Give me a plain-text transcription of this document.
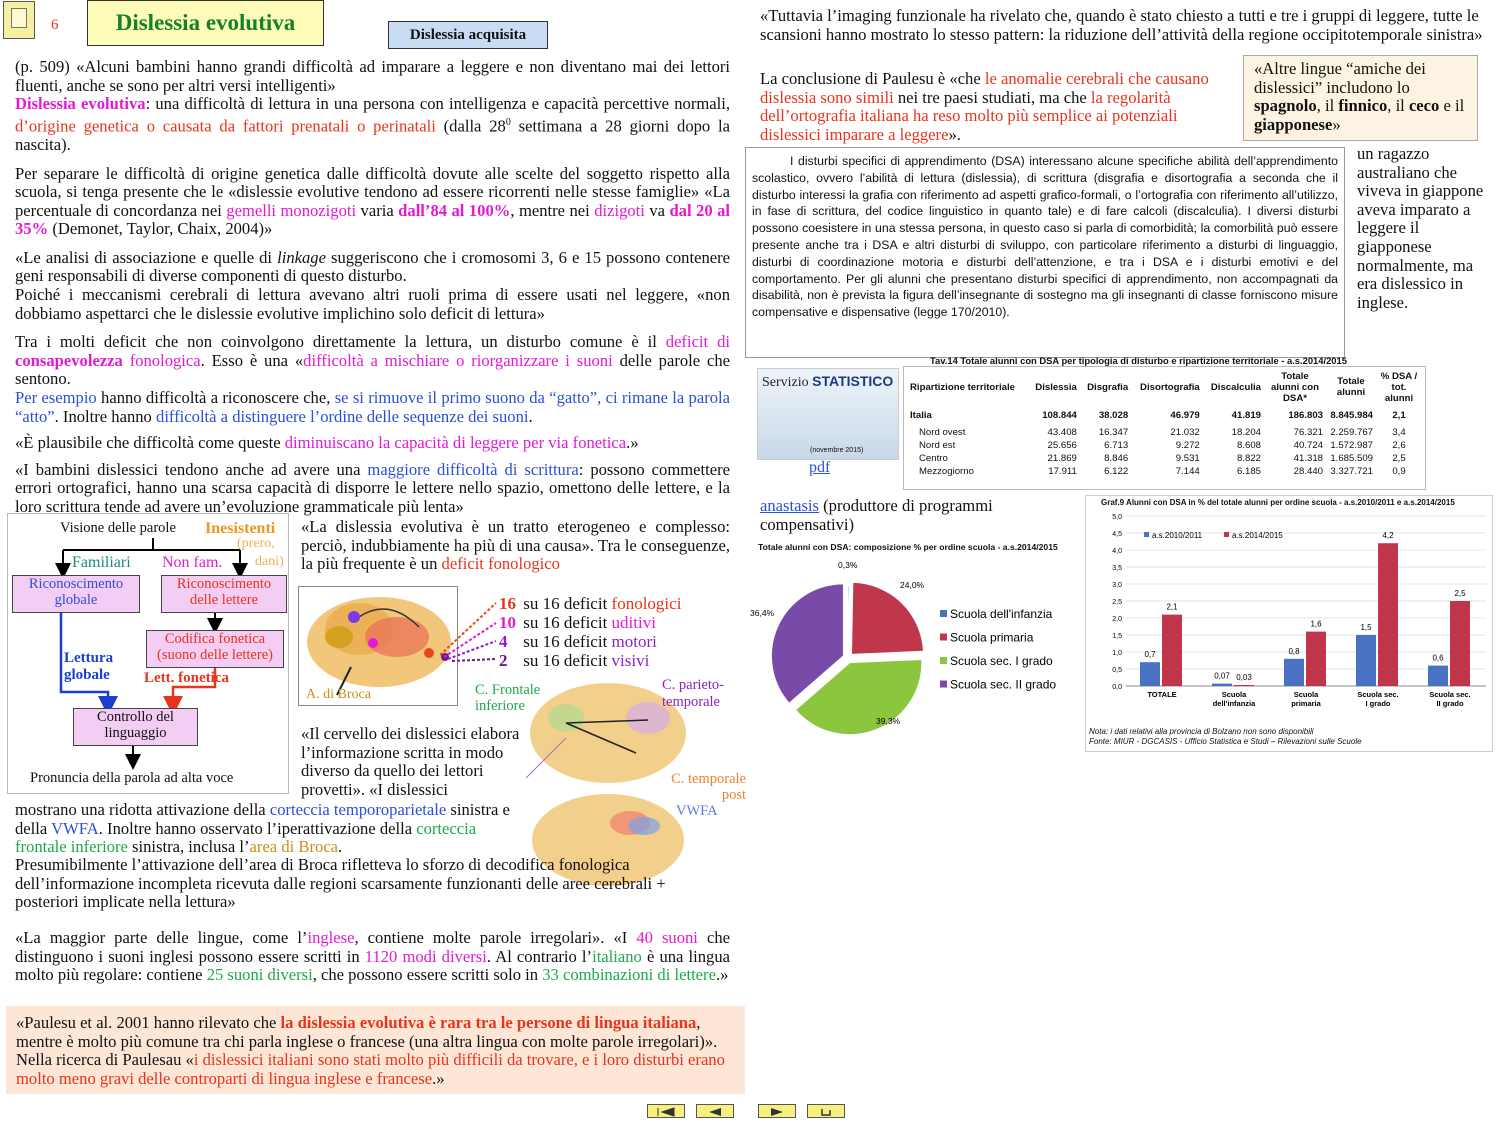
6	Dislessia evolutiva	Dislessia acquisita

(p. 509) «Alcuni bambini hanno grandi difficoltà ad imparare a leggere e non diventano mai dei lettori fluenti, anche se sono per altri versi intelligenti»
Dislessia evolutiva: una difficoltà di lettura in una persona con intelligenza e capacità percettive normali, d’origine genetica o causata da fattori prenatali o perinatali (dalla $28^0$ settimana a 28 giorni dopo la nascita).

Per separare le difficoltà di origine genetica dalle difficoltà dovute alle scelte del soggetto rispetto alla scuola, si tenga presente che le «dislessie evolutive tendono ad essere ricorrenti nelle stesse famiglie» «La percentuale di concordanza nei gemelli monozigoti varia dall’84 al 100%, mentre nei dizigoti va dal 20 al 35% (Demonet, Taylor, Chaix, 2004)»

«Le analisi di associazione e quelle di linkage suggeriscono che i cromosomi 3, 6 e 15 possono contenere geni responsabili di diverse componenti di questo disturbo.
Poiché i meccanismi cerebrali di lettura avevano altri ruoli prima di essere usati nel leggere, «non dobbiamo aspettarci che le dislessie evolutive implichino solo deficit di lettura»

Tra i molti deficit che non coinvolgono direttamente la lettura, un disturbo comune è il deficit di consapevolezza fonologica. Esso è una «difficoltà a mischiare o riorganizzare i suoni delle parole che sentono.
Per esempio hanno difficoltà a riconoscere che, se si rimuove il primo suono da “gatto”, ci rimane la parola “atto”. Inoltre hanno difficoltà a distinguere l’ordine delle sequenze dei suoni.

«È plausibile che difficoltà come queste diminuiscano la capacità di leggere per via fonetica.»

«I bambini dislessici tendono anche ad avere una maggiore difficoltà di scrittura: possono commettere errori ortografici, hanno una scarsa capacità di disporre le lettere nello spazio, omettono delle lettere, e la loro scrittura tende ad avere un’evoluzione grammaticale più lenta»

Visione delle parole Inesistenti
(prero,
dani)
Familiari Non fam.
Riconoscimento globale
Riconoscimento delle lettere
Codifica fonetica (suono delle lettere)
Lettura globale	Lett. fonetica
Controllo del linguaggio
Pronuncia della parola ad alta voce

«La dislessia evolutiva è un tratto eterogeneo e complesso: perciò, indubbiamente ha più di una causa». Tra le conseguenze, la più frequente è un deficit fonologico

A. di Broca
16 su 16 deficit fonologici
10 su 16 deficit uditivi
4 su 16 deficit motori
2 su 16 deficit visivi
C. Frontale inferiore
C. parieto-temporale
C. temporale post
VWFA

«Il cervello dei dislessici elabora l’informazione scritta in modo diverso da quello dei lettori provetti». «I dislessici

mostrano una ridotta attivazione della corteccia temporoparietale sinistra e della VWFA. Inoltre hanno osservato l’iperattivazione della corteccia frontale inferiore sinistra, inclusa l’area di Broca.

Presumibilmente l’attivazione dell’area di Broca rifletteva lo sforzo di decodifica fonologica dell’informazione incompleta ricevuta dalle regioni scarsamente funzionanti delle aree cerebrali + posteriori implicate nella lettura»

«La maggior parte delle lingue, come l’inglese, contiene molte parole irregolari». «I 40 suoni che distinguono i suoni inglesi possono essere scritti in 1120 modi diversi. Al contrario l’italiano è una lingua molto più regolare: contiene 25 suoni diversi, che possono essere scritti solo in 33 combinazioni di lettere.»

«Paulesu et al. 2001 hanno rilevato che la dislessia evolutiva è rara tra le persone di lingua italiana, mentre è molto più comune tra chi parla inglese o francese (una altra lingua con molte parole irregolari)». Nella ricerca di Paulesau «i dislessici italiani sono stati molto più difficili da trovare, e i loro disturbi erano molto meno gravi delle controparti di lingua inglese e francese.»

«Tuttavia l’imaging funzionale ha rivelato che, quando è stato chiesto a tutti e tre i gruppi di leggere, tutte le scansioni hanno mostrato lo stesso pattern: la riduzione dell’attività della regione occipitotemporale sinistra»

La conclusione di Paulesu è «che le anomalie cerebrali che causano dislessia sono simili nei tre paesi studiati, ma che la regolarità dell’ortografia italiana ha reso molto più semplice ai potenziali dislessici imparare a leggere».

«Altre lingue “amiche dei dislessici” includono lo spagnolo, il finnico, il ceco e il giapponese»

I disturbi specifici di apprendimento (DSA) interessano alcune specifiche abilità dell’apprendimento scolastico, ovvero l’abilità di lettura (dislessia), di scrittura (disgrafia e disortografia a seconda che il disturbo interessi la grafia con riferimento ad aspetti grafico-formali, o l’ortografia con riferimento all’utilizzo, in fase di scrittura, del codice linguistico in quanto tale) e di fare calcoli (discalculia). I diversi disturbi possono coesistere in una stessa persona, in questo caso si parla di comorbidità; la comorbilità può essere presente anche tra i DSA e altri disturbi di sviluppo, con particolare riferimento a disturbi di linguaggio, disturbi di coordinazione motoria e disturbi dell’attenzione, e tra i DSA e i disturbi emotivi e del comportamento. Per gli alunni che presentano disturbi specifici di apprendimento, non accompagnati da disabilità, non è prevista la figura dell’insegnante di sostegno ma gli insegnanti di classe forniscono misure compensative e dispensative (legge 170/2010).

un ragazzo australiano che viveva in giappone aveva imparato a leggere il giapponese normalmente, ma era dislessico in inglese.

Servizio STATISTICO
(novembre 2015)
pdf
Tav.14 Totale alunni con DSA per tipologia di disturbo e ripartizione territoriale - a.s.2014/2015
Ripartizione territoriale	Dislessia	Disgrafia	Disortografia	Discalculia	Totale alunni con DSA*	Totale alunni	% DSA / tot. alunni
Italia	108.844	38.028	46.979	41.819	186.803	8.845.984	2,1
Nord ovest	43.408	16.347	21.032	18.204	76.321	2.259.767	3,4
Nord est	25.656	6.713	9.272	8.608	40.724	1.572.987	2,6
Centro	21.869	8.846	9.531	8.822	41.318	1.685.509	2,5
Mezzogiorno	17.911	6.122	7.144	6.185	28.440	3.327.721	0,9

anastasis (produttore di programmi compensativi)

Totale alunni con DSA: composizione % per ordine scuola - a.s.2014/2015
0,3%
24,0%
39,3%
36,4%	Scuola dell'infanzia
Scuola primaria
Scuola sec. I grado
Scuola sec. II grado
Graf.9 Alunni con DSA in % del totale alunni per ordine scuola - a.s.2010/2011 e a.s.2014/2015
0,0
0,5
1,0
1,5
2,0
2,5
3,0
3,5
4,0
4,5
5,0
0,7
2,1
TOTALE
0,07 0,03
Scuola
dell'infanzia
0,8
1,6
Scuola
primaria
1,5
4,2
Scuola sec.
I grado
0,6
2,5
Scuola sec.
II grado
a.s.2010/2011	a.s.2014/2015
Nota: i dati relativi alla provincia di Bolzano non sono disponibili
Fonte: MIUR - DGCASIS - Ufficio Statistica e Studi – Rilevazioni sulle Scuole
